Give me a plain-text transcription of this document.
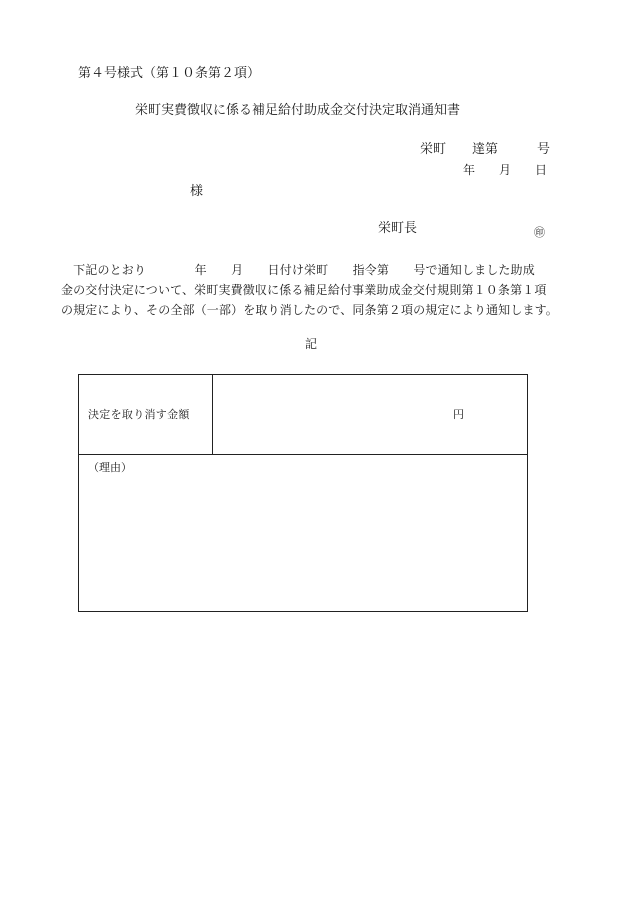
第４号様式（第１０条第２項）
栄町実費徴収に係る補足給付助成金交付決定取消通知書
栄町　　達第　　　号
年　　月　　日
様
栄町長	㊞

　下記のとおり　　　　年　　月　　日付け栄町　　指令第　　号で通知しました助成

金の交付決定について、栄町実費徴収に係る補足給付事業助成金交付規則第１０条第１項

の規定により、その全部（一部）を取り消したので、同条第２項の規定により通知します。

記
決定を取り消す金額	円
（理由）
